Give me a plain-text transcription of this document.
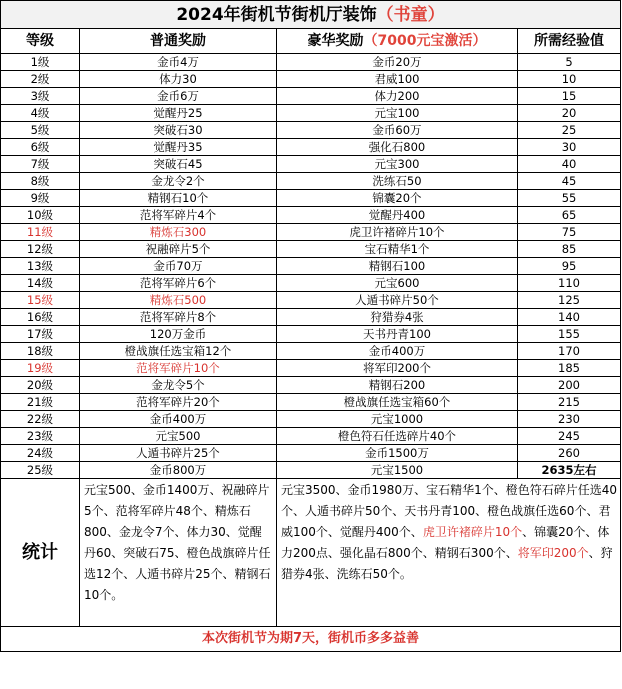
2024年街机节街机厅装饰（书童）			
等级	普通奖励	豪华奖励（7000元宝激活）	所需经验值
1级	金币4万	金币20万	5
2级	体力30	君威100	10
3级	金币6万	体力200	15
4级	觉醒丹25	元宝100	20
5级	突破石30	金币60万	25
6级	觉醒丹35	强化石800	30
7级	突破石45	元宝300	40
8级	金龙令2个	洗练石50	45
9级	精钢石10个	锦囊20个	55
10级	范将军碎片4个	觉醒丹400	65
11级	精炼石300	虎卫许褚碎片10个	75
12级	祝融碎片5个	宝石精华1个	85
13级	金币70万	精钢石100	95
14级	范将军碎片6个	元宝600	110
15级	精炼石500	人遁书碎片50个	125
16级	范将军碎片8个	狩猎券4张	140
17级	120万金币	天书丹青100	155
18级	橙战旗任选宝箱12个	金币400万	170
19级	范将军碎片10个	将军印200个	185
20级	金龙令5个	精钢石200	200
21级	范将军碎片20个	橙战旗任选宝箱60个	215
22级	金币400万	元宝1000	230
23级	元宝500	橙色符石任选碎片40个	245
24级	人遁书碎片25个	金币1500万	260
25级	金币800万	元宝1500	2635左右
统计	元宝500、金币1400万、祝融碎片5个、范将军碎片48个、精炼石800、金龙令7个、体力30、觉醒丹60、突破石75、橙色战旗碎片任选12个、人遁书碎片25个、精钢石10个。	元宝3500、金币1980万、宝石精华1个、橙色符石碎片任选40个、人遁书碎片50个、天书丹青100、橙色战旗任选60个、君威100个、觉醒丹400个、虎卫许褚碎片10个、锦囊20个、体力200点、强化晶石800个、精钢石300个、将军印200个、狩猎券4张、洗练石50个。	
本次街机节为期7天，街机币多多益善			
